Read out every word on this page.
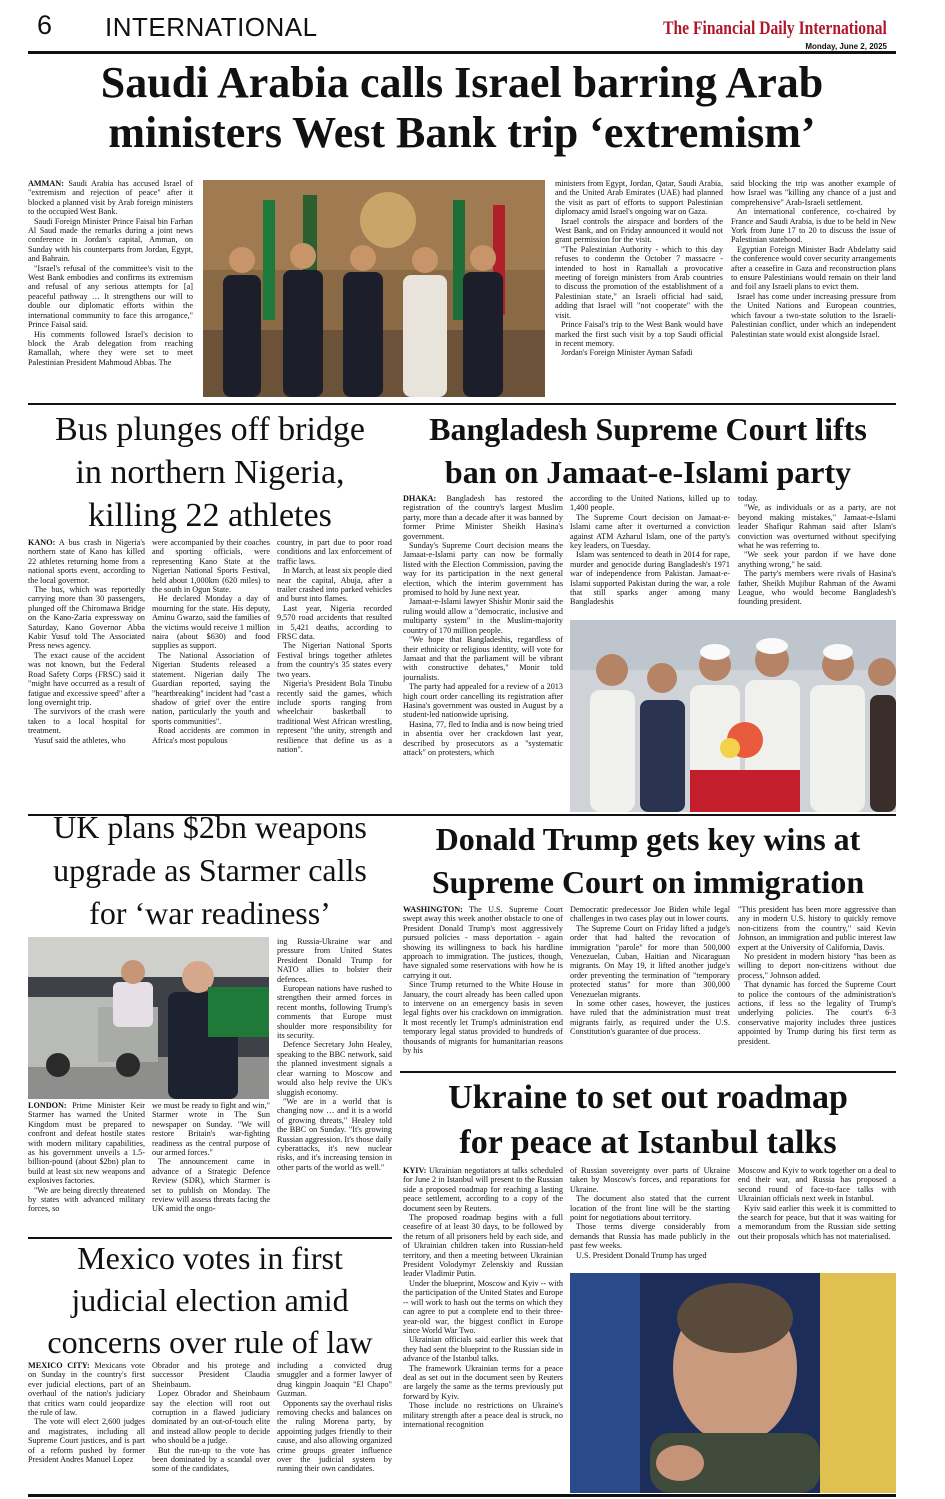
6 INTERNATIONAL	The Financial Daily International
Monday, June 2, 2025
Saudi Arabia calls Israel barring Arab
ministers West Bank trip ‘extremism’

AMMAN: Saudi Arabia has accused Israel of "extremism and rejection of peace" after it blocked a planned visit by Arab foreign ministers to the occupied West Bank.

Saudi Foreign Minister Prince Faisal bin Farhan Al Saud made the remarks during a joint news conference in Jordan's capital, Amman, on Sunday with his counterparts from Jordan, Egypt, and Bahrain.

"Israel's refusal of the committee's visit to the West Bank embodies and confirms its extremism and refusal of any serious attempts for [a] peaceful pathway … It strengthens our will to double our diplomatic efforts within the international community to face this arrogance," Prince Faisal said.

His comments followed Israel's decision to block the Arab delegation from reaching Ramallah, where they were set to meet Palestinian President Mahmoud Abbas. The

ministers from Egypt, Jordan, Qatar, Saudi Arabia, and the United Arab Emirates (UAE) had planned the visit as part of efforts to support Palestinian diplomacy amid Israel's ongoing war on Gaza.

Israel controls the airspace and borders of the West Bank, and on Friday announced it would not grant permission for the visit.

"The Palestinian Authority - which to this day refuses to condemn the October 7 massacre - intended to host in Ramallah a provocative meeting of foreign ministers from Arab countries to discuss the promotion of the establishment of a Palestinian state," an Israeli official had said, adding that Israel will "not cooperate" with the visit.

Prince Faisal's trip to the West Bank would have marked the first such visit by a top Saudi official in recent memory.

Jordan's Foreign Minister Ayman Safadi

said blocking the trip was another example of how Israel was "killing any chance of a just and comprehensive" Arab-Israeli settlement.

An international conference, co-chaired by France and Saudi Arabia, is due to be held in New York from June 17 to 20 to discuss the issue of Palestinian statehood.

Egyptian Foreign Minister Badr Abdelatty said the conference would cover security arrangements after a ceasefire in Gaza and reconstruction plans to ensure Palestinians would remain on their land and foil any Israeli plans to evict them.

Israel has come under increasing pressure from the United Nations and European countries, which favour a two-state solution to the Israeli-Palestinian conflict, under which an independent Palestinian state would exist alongside Israel.

Bus plunges off bridge
in northern Nigeria,
killing 22 athletes

KANO: A bus crash in Nigeria's northern state of Kano has killed 22 athletes returning home from a national sports event, according to the local governor.

The bus, which was reportedly carrying more than 30 passengers, plunged off the Chiromawa Bridge on the Kano-Zaria expressway on Saturday, Kano Governor Abba Kabir Yusuf told The Associated Press news agency.

The exact cause of the accident was not known, but the Federal Road Safety Corps (FRSC) said it "might have occurred as a result of fatigue and excessive speed" after a long overnight trip.

The survivors of the crash were taken to a local hospital for treatment.

Yusuf said the athletes, who

were accompanied by their coaches and sporting officials, were representing Kano State at the Nigerian National Sports Festival, held about 1,000km (620 miles) to the south in Ogun State.

He declared Monday a day of mourning for the state. His deputy, Aminu Gwarzo, said the families of the victims would receive 1 million naira (about $630) and food supplies as support.

The National Association of Nigerian Students released a statement. Nigerian daily The Guardian reported, saying the "heartbreaking" incident had "cast a shadow of grief over the entire nation, particularly the youth and sports communities".

Road accidents are common in Africa's most populous

country, in part due to poor road conditions and lax enforcement of traffic laws.

In March, at least six people died near the capital, Abuja, after a trailer crashed into parked vehicles and burst into flames.

Last year, Nigeria recorded 9,570 road accidents that resulted in 5,421 deaths, according to FRSC data.

The Nigerian National Sports Festival brings together athletes from the country's 35 states every two years.

Nigeria's President Bola Tinubu recently said the games, which include sports ranging from wheelchair basketball to traditional West African wrestling, represent "the unity, strength and resilience that define us as a nation".

Bangladesh Supreme Court lifts
ban on Jamaat-e-Islami party

DHAKA: Bangladesh has restored the registration of the country's largest Muslim party, more than a decade after it was banned by former Prime Minister Sheikh Hasina's government.

Sunday's Supreme Court decision means the Jamaat-e-Islami party can now be formally listed with the Election Commission, paving the way for its participation in the next general election, which the interim government has promised to hold by June next year.

Jamaat-e-Islami lawyer Shishir Monir said the ruling would allow a "democratic, inclusive and multiparty system" in the Muslim-majority country of 170 million people.

"We hope that Bangladeshis, regardless of their ethnicity or religious identity, will vote for Jamaat and that the parliament will be vibrant with constructive debates," Monir told journalists.

The party had appealed for a review of a 2013 high court order cancelling its registration after Hasina's government was ousted in August by a student-led nationwide uprising.

Hasina, 77, fled to India and is now being tried in absentia over her crackdown last year, described by prosecutors as a "systematic attack" on protesters, which

according to the United Nations, killed up to 1,400 people.

The Supreme Court decision on Jamaat-e-Islami came after it overturned a conviction against ATM Azharul Islam, one of the party's key leaders, on Tuesday.

Islam was sentenced to death in 2014 for rape, murder and genocide during Bangladesh's 1971 war of independence from Pakistan. Jamaat-e-Islami supported Pakistan during the war, a role that still sparks anger among many Bangladeshis

today.

"We, as individuals or as a party, are not beyond making mistakes," Jamaat-e-Islami leader Shafiqur Rahman said after Islam's conviction was overturned without specifying what he was referring to.

"We seek your pardon if we have done anything wrong," he said.

The party's members were rivals of Hasina's father, Sheikh Mujibur Rahman of the Awami League, who would become Bangladesh's founding president.

UK plans $2bn weapons
upgrade as Starmer calls
for ‘war readiness’

LONDON: Prime Minister Keir Starmer has warned the United Kingdom must be prepared to confront and defeat hostile states with modern military capabilities, as his government unveils a 1.5-billion-pound (about $2bn) plan to build at least six new weapons and explosives factories.

"We are being directly threatened by states with advanced military forces, so

we must be ready to fight and win," Starmer wrote in The Sun newspaper on Sunday. "We will restore Britain's war-fighting readiness as the central purpose of our armed forces."

The announcement came in advance of a Strategic Defence Review (SDR), which Starmer is set to publish on Monday. The review will assess threats facing the UK amid the ongo-

ing Russia-Ukraine war and pressure from United States President Donald Trump for NATO allies to bolster their defences.

European nations have rushed to strengthen their armed forces in recent months, following Trump's comments that Europe must shoulder more responsibility for its security.

Defence Secretary John Healey, speaking to the BBC network, said the planned investment signals a clear warning to Moscow and would also help revive the UK's sluggish economy.

"We are in a world that is changing now … and it is a world of growing threats," Healey told the BBC on Sunday. "It's growing Russian aggression. It's those daily cyberattacks, it's new nuclear risks, and it's increasing tension in other parts of the world as well."

Donald Trump gets key wins at
Supreme Court on immigration

WASHINGTON: The U.S. Supreme Court swept away this week another obstacle to one of President Donald Trump's most aggressively pursued policies - mass deportation - again showing its willingness to back his hardline approach to immigration. The justices, though, have signaled some reservations with how he is carrying it out.

Since Trump returned to the White House in January, the court already has been called upon to intervene on an emergency basis in seven legal fights over his crackdown on immigration. It most recently let Trump's administration end temporary legal status provided to hundreds of thousands of migrants for humanitarian reasons by his

Democratic predecessor Joe Biden while legal challenges in two cases play out in lower courts.

The Supreme Court on Friday lifted a judge's order that had halted the revocation of immigration "parole" for more than 500,000 Venezuelan, Cuban, Haitian and Nicaraguan migrants. On May 19, it lifted another judge's order preventing the termination of "temporary protected status" for more than 300,000 Venezuelan migrants.

In some other cases, however, the justices have ruled that the administration must treat migrants fairly, as required under the U.S. Constitution's guarantee of due process.

"This president has been more aggressive than any in modern U.S. history to quickly remove non-citizens from the country," said Kevin Johnson, an immigration and public interest law expert at the University of California, Davis.

No president in modern history "has been as willing to deport non-citizens without due process," Johnson added.

That dynamic has forced the Supreme Court to police the contours of the administration's actions, if less so the legality of Trump's underlying policies. The court's 6-3 conservative majority includes three justices appointed by Trump during his first term as president.

Ukraine to set out roadmap
for peace at Istanbul talks

KYIV: Ukrainian negotiators at talks scheduled for June 2 in Istanbul will present to the Russian side a proposed roadmap for reaching a lasting peace settlement, according to a copy of the document seen by Reuters.

The proposed roadmap begins with a full ceasefire of at least 30 days, to be followed by the return of all prisoners held by each side, and of Ukrainian children taken into Russian-held territory, and then a meeting between Ukrainian President Volodymyr Zelenskiy and Russian leader Vladimir Putin.

Under the blueprint, Moscow and Kyiv -- with the participation of the United States and Europe -- will work to hash out the terms on which they can agree to put a complete end to their three-year-old war, the biggest conflict in Europe since World War Two.

Ukrainian officials said earlier this week that they had sent the blueprint to the Russian side in advance of the Istanbul talks.

The framework Ukrainian terms for a peace deal as set out in the document seen by Reuters are largely the same as the terms previously put forward by Kyiv.

Those include no restrictions on Ukraine's military strength after a peace deal is struck, no international recognition

of Russian sovereignty over parts of Ukraine taken by Moscow's forces, and reparations for Ukraine.

The document also stated that the current location of the front line will be the starting point for negotiations about territory.

Those terms diverge considerably from demands that Russia has made publicly in the past few weeks.

U.S. President Donald Trump has urged

Moscow and Kyiv to work together on a deal to end their war, and Russia has proposed a second round of face-to-face talks with Ukrainian officials next week in Istanbul.

Kyiv said earlier this week it is committed to the search for peace, but that it was waiting for a memorandum from the Russian side setting out their proposals which has not materialised.

Mexico votes in first
judicial election amid
concerns over rule of law

MEXICO CITY: Mexicans vote on Sunday in the country's first ever judicial elections, part of an overhaul of the nation's judiciary that critics warn could jeopardize the rule of law.

The vote will elect 2,600 judges and magistrates, including all Supreme Court justices, and is part of a reform pushed by former President Andres Manuel Lopez

Obrador and his protege and successor President Claudia Sheinbaum.

Lopez Obrador and Sheinbaum say the election will root out corruption in a flawed judiciary dominated by an out-of-touch elite and instead allow people to decide who should be a judge.

But the run-up to the vote has been dominated by a scandal over some of the candidates,

including a convicted drug smuggler and a former lawyer of drug kingpin Joaquin "El Chapo" Guzman.

Opponents say the overhaul risks removing checks and balances on the ruling Morena party, by appointing judges friendly to their cause, and also allowing organized crime groups greater influence over the judicial system by running their own candidates.
